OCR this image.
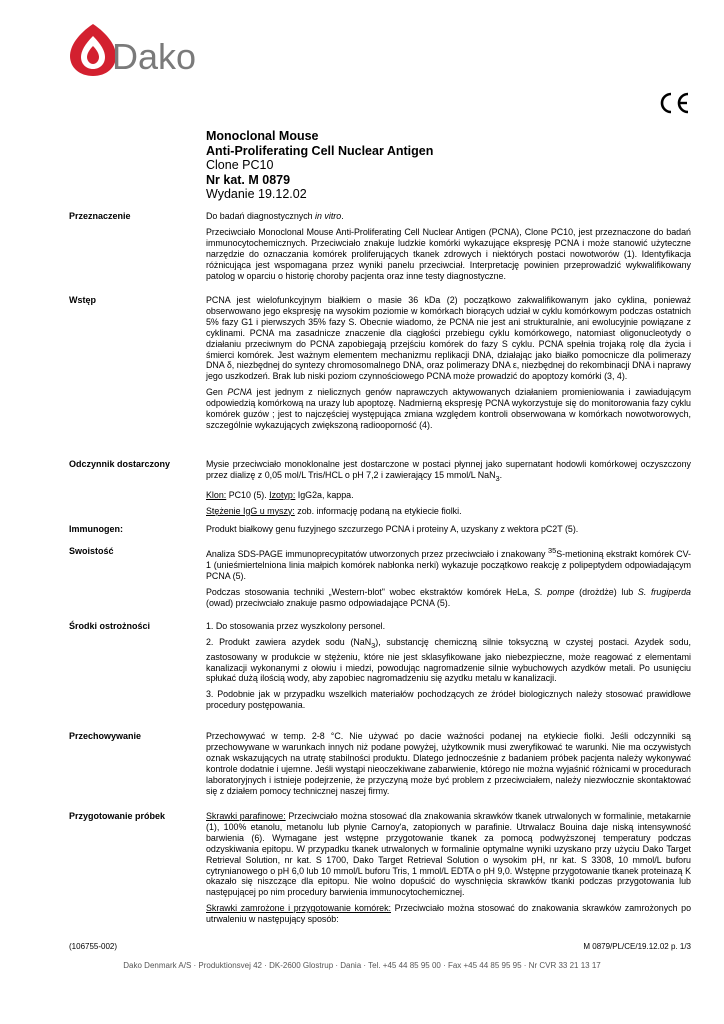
Dako
Monoclonal Mouse
Anti-Proliferating Cell Nuclear Antigen
Clone PC10
Nr kat. M 0879
Wydanie 19.12.02
Przeznaczenie	Do badań diagnostycznych in vitro.

Przeciwciało Monoclonal Mouse Anti-Proliferating Cell Nuclear Antigen (PCNA), Clone PC10, jest przeznaczone do badań immunocytochemicznych. Przeciwciało znakuje ludzkie komórki wykazujące ekspresję PCNA i może stanowić użyteczne narzędzie do oznaczania komórek proliferujących tkanek zdrowych i niektórych postaci nowotworów (1). Identyfikacja różnicująca jest wspomagana przez wyniki panelu przeciwciał. Interpretację powinien przeprowadzić wykwalifikowany patolog w oparciu o historię choroby pacjenta oraz inne testy diagnostyczne.

Wstęp	PCNA jest wielofunkcyjnym białkiem o masie 36 kDa (2) początkowo zakwalifikowanym jako cyklina, ponieważ obserwowano jego ekspresję na wysokim poziomie w komórkach biorących udział w cyklu komórkowym podczas ostatnich 5% fazy G1 i pierwszych 35% fazy S. Obecnie wiadomo, że PCNA nie jest ani strukturalnie, ani ewolucyjnie powiązane z cyklinami. PCNA ma zasadnicze znaczenie dla ciągłości przebiegu cyklu komórkowego, natomiast oligonucleotydy o działaniu przeciwnym do PCNA zapobiegają przejściu komórek do fazy S cyklu. PCNA spełnia trojaką rolę dla życia i śmierci komórek. Jest ważnym elementem mechanizmu replikacji DNA, działając jako białko pomocnicze dla polimerazy DNA δ, niezbędnej do syntezy chromosomalnego DNA, oraz polimerazy DNA ε, niezbędnej do rekombinacji DNA i naprawy jego uszkodzeń. Brak lub niski poziom czynnościowego PCNA może prowadzić do apoptozy komórki (3, 4).

Gen PCNA jest jednym z nielicznych genów naprawczych aktywowanych działaniem promieniowania i zawiadującym odpowiedzią komórkową na urazy lub apoptozę. Nadmierną ekspresję PCNA wykorzystuje się do monitorowania fazy cyklu komórek guzów ; jest to najczęściej występująca zmiana względem kontroli obserwowana w komórkach nowotworowych, szczególnie wykazujących zwiększoną radiooporność (4).

Odczynnik dostarczony	Mysie przeciwciało monoklonalne jest dostarczone w postaci płynnej jako supernatant hodowli komórkowej oczyszczony przez dializę z 0,05 mol/L Tris/HCL o pH 7,2 i zawierający 15 mmol/L NaN$_3$.

Klon: PC10 (5). Izotyp: IgG2a, kappa.

Stężenie IgG u myszy: zob. informację podaną na etykiecie fiolki.

Immunogen:	Produkt białkowy genu fuzyjnego szczurzego PCNA i proteiny A, uzyskany z wektora pC2T (5).

Swoistość	Analiza SDS-PAGE immunoprecypitatów utworzonych przez przeciwciało i znakowany $^{35}$S-metioniną ekstrakt komórek CV-1 (unieśmiertelniona linia małpich komórek nabłonka nerki) wykazuje początkowo reakcję z polipeptydem odpowiadającym PCNA (5).

Podczas stosowania techniki „Western-blot" wobec ekstraktów komórek HeLa, S. pompe (drożdże) lub S. frugiperda (owad) przeciwciało znakuje pasmo odpowiadające PCNA (5).

Środki ostrożności	1. Do stosowania przez wyszkolony personel.

2. Produkt zawiera azydek sodu (NaN$_3$), substancję chemiczną silnie toksyczną w czystej postaci. Azydek sodu, zastosowany w produkcie w stężeniu, które nie jest sklasyfikowane jako niebezpieczne, może reagować z elementami kanalizacji wykonanymi z ołowiu i miedzi, powodując nagromadzenie silnie wybuchowych azydków metali. Po usunięciu spłukać dużą ilością wody, aby zapobiec nagromadzeniu się azydku metalu w kanalizacji.

3. Podobnie jak w przypadku wszelkich materiałów pochodzących ze źródeł biologicznych należy stosować prawidłowe procedury postępowania.

Przechowywanie	Przechowywać w temp. 2-8 °C. Nie używać po dacie ważności podanej na etykiecie fiolki. Jeśli odczynniki są przechowywane w warunkach innych niż podane powyżej, użytkownik musi zweryfikować te warunki. Nie ma oczywistych oznak wskazujących na utratę stabilności produktu. Dlatego jednocześnie z badaniem próbek pacjenta należy wykonywać kontrole dodatnie i ujemne. Jeśli wystąpi nieoczekiwane zabarwienie, którego nie można wyjaśnić różnicami w procedurach laboratoryjnych i istnieje podejrzenie, że przyczyną może być problem z przeciwciałem, należy niezwłocznie skontaktować się z działem pomocy technicznej naszej firmy.

Przygotowanie próbek	Skrawki parafinowe: Przeciwciało można stosować dla znakowania skrawków tkanek utrwalonych w formalinie, metakarnie (1), 100% etanolu, metanolu lub płynie Carnoy'a, zatopionych w parafinie. Utrwalacz Bouina daje niską intensywność barwienia (6). Wymagane jest wstępne przygotowanie tkanek za pomocą podwyższonej temperatury podczas odzyskiwania epitopu. W przypadku tkanek utrwalonych w formalinie optymalne wyniki uzyskano przy użyciu Dako Target Retrieval Solution, nr kat. S 1700, Dako Target Retrieval Solution o wysokim pH, nr kat. S 3308, 10 mmol/L buforu cytrynianowego o pH 6,0 lub 10 mmol/L buforu Tris, 1 mmol/L EDTA o pH 9,0. Wstępne przygotowanie tkanek proteinazą K okazało się niszczące dla epitopu. Nie wolno dopuścić do wyschnięcia skrawków tkanki podczas przygotowania lub następującej po nim procedury barwienia immunocytochemicznej.

Skrawki zamrożone i przygotowanie komórek: Przeciwciało można stosować do znakowania skrawków zamrożonych po utrwaleniu w następujący sposób:

(106755-002)	M 0879/PL/CE/19.12.02 p. 1/3
Dako Denmark A/S · Produktionsvej 42 · DK-2600 Glostrup · Dania · Tel. +45 44 85 95 00 · Fax +45 44 85 95 95 · Nr CVR 33 21 13 17
